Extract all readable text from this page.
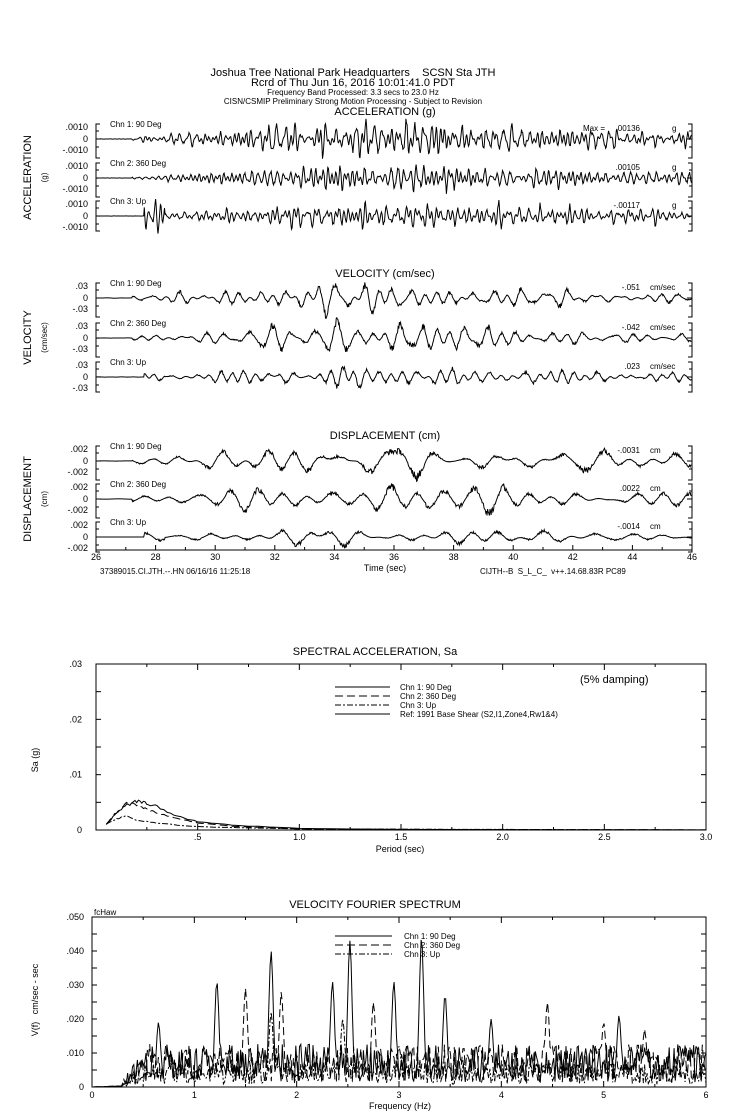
Joshua Tree National Park Headquarters    SCSN Sta JTH
Rcrd of Thu Jun 16, 2016 10:01:41.0 PDT
Frequency Band Processed: 3.3 secs to 23.0 Hz
CISN/CSMIP Preliminary Strong Motion Processing - Subject to Revision
ACCELERATION (g)
ACCELERATION (g)
.0010
0
-.0010
Chn 1: 90 Deg	Max = .00136	g
.0010
0
-.0010
Chn 2: 360 Deg	.00105	g
.0010
0
-.0010
Chn 3: Up	-.00117	g
VELOCITY (cm/sec)
VELOCITY (cm/sec)
.03
0
-.03
Chn 1: 90 Deg	-.051 cm/sec
.03
0
-.03
Chn 2: 360 Deg	-.042 cm/sec
.03
0
-.03
Chn 3: Up	.023 cm/sec
DISPLACEMENT (cm)
DISPLACEMENT (cm)
.002
0
-.002
Chn 1: 90 Deg	-.0031 cm
.002
0
-.002
Chn 2: 360 Deg	.0022 cm
.002
0
-.002
Chn 3: Up	-.0014 cm
Time (sec)
37389015.CI.JTH.--.HN 06/16/16 11:25:18	CIJTH--B  S_L_C_  v++.14.68.83R PC89
26	28	30	32	34	36	38	40	42	44	46
SPECTRAL ACCELERATION, Sa
(5% damping)
Period (sec)
Sa (g)
.5	1.0	1.5	2.0	2.5	3.0
.03
.02
.01
0
Chn 1: 90 Deg
Chn 2: 360 Deg
Chn 3: Up
Ref: 1991 Base Shear (S2,I1,Zone4,Rw1&4)
VELOCITY FOURIER SPECTRUM
fcHaw
Frequency (Hz)
V(f)   cm/sec - sec
0	1	2	3	4	5	6
.050
.040
.030
.020
.010
0
Chn 1: 90 Deg
Chn 2: 360 Deg
Chn 3: Up
